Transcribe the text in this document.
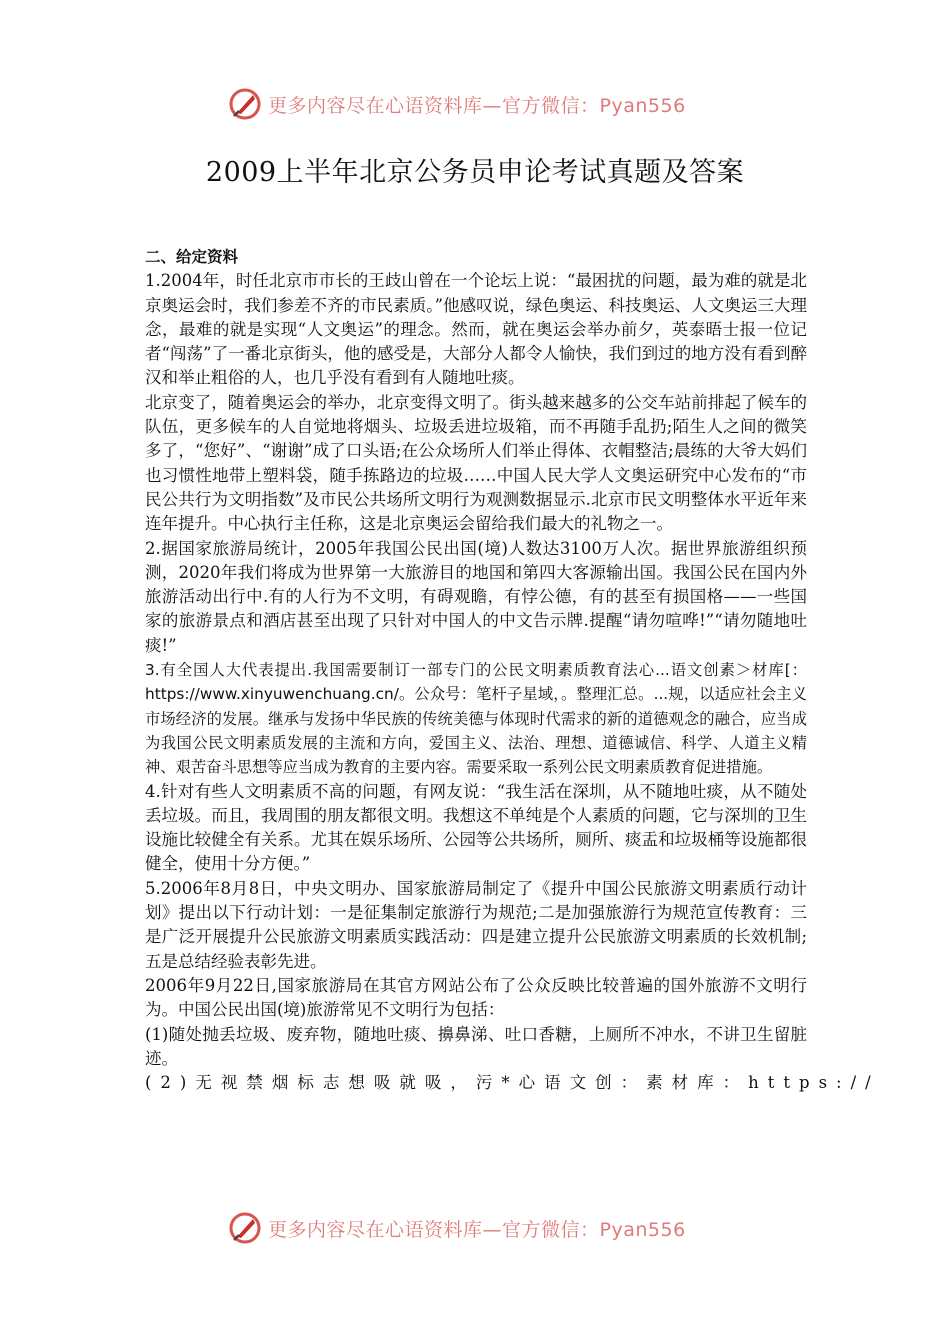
更多内容尽在心语资料库—官方微信：Pyan556
2009上半年北京公务员申论考试真题及答案

二、给定资料

1.2004年，时任北京市市长的王歧山曾在一个论坛上说：“最困扰的问题，最为难的就是北京奥运会时，我们参差不齐的市民素质。”他感叹说，绿色奥运、科技奥运、人文奥运三大理念，最难的就是实现“人文奥运”的理念。然而，就在奥运会举办前夕，英泰晤士报一位记者“闯荡”了一番北京街头，他的感受是，大部分人都令人愉快，我们到过的地方没有看到醉汉和举止粗俗的人，也几乎没有看到有人随地吐痰。

北京变了，随着奥运会的举办，北京变得文明了。街头越来越多的公交车站前排起了候车的队伍，更多候车的人自觉地将烟头、垃圾丢进垃圾箱，而不再随手乱扔;陌生人之间的微笑多了，“您好”、“谢谢”成了口头语;在公众场所人们举止得体、衣帽整洁;晨练的大爷大妈们也习惯性地带上塑料袋，随手拣路边的垃圾……中国人民大学人文奥运研究中心发布的“市民公共行为文明指数”及市民公共场所文明行为观测数据显示.北京市民文明整体水平近年来连年提升。中心执行主任称，这是北京奥运会留给我们最大的礼物之一。

2.据国家旅游局统计，2005年我国公民出国(境)人数达3100万人次。据世界旅游组织预测，2020年我们将成为世界第一大旅游目的地国和第四大客源输出国。我国公民在国内外旅游活动出行中.有的人行为不文明，有碍观瞻，有悖公德，有的甚至有损国格——一些国家的旅游景点和酒店甚至出现了只针对中国人的中文告示牌.提醒“请勿喧哗!”“请勿随地吐痰!”

3.有全国人大代表提出.我国需要制订一部专门的公民文明素质教育法心...语文创素＞材库[：https://www.xinyuwenchuang.cn/。公众号：笔杆子星域，。整理汇总。...规，以适应社会主义市场经济的发展。继承与发扬中华民族的传统美德与体现时代需求的新的道德观念的融合，应当成为我国公民文明素质发展的主流和方向，爱国主义、法治、理想、道德诚信、科学、人道主义精神、艰苦奋斗思想等应当成为教育的主要内容。需要采取一系列公民文明素质教育促进措施。

4.针对有些人文明素质不高的问题，有网友说：“我生活在深圳，从不随地吐痰，从不随处丢垃圾。而且，我周围的朋友都很文明。我想这不单纯是个人素质的问题，它与深圳的卫生设施比较健全有关系。尤其在娱乐场所、公园等公共场所，厕所、痰盂和垃圾桶等设施都很健全，使用十分方便。”

5.2006年8月8日，中央文明办、国家旅游局制定了《提升中国公民旅游文明素质行动计划》提出以下行动计划：一是征集制定旅游行为规范;二是加强旅游行为规范宣传教育：三是广泛开展提升公民旅游文明素质实践活动：四是建立提升公民旅游文明素质的长效机制;五是总结经验表彰先进。

2006年9月22日,国家旅游局在其官方网站公布了公众反映比较普遍的国外旅游不文明行为。中国公民出国(境)旅游常见不文明行为包括：

(1)随处抛丢垃圾、废弃物，随地吐痰、擤鼻涕、吐口香糖，上厕所不冲水，不讲卫生留脏迹。

(2)无视禁烟标志想吸就吸，污*心语文创：素材库：https://

更多内容尽在心语资料库—官方微信：Pyan556
